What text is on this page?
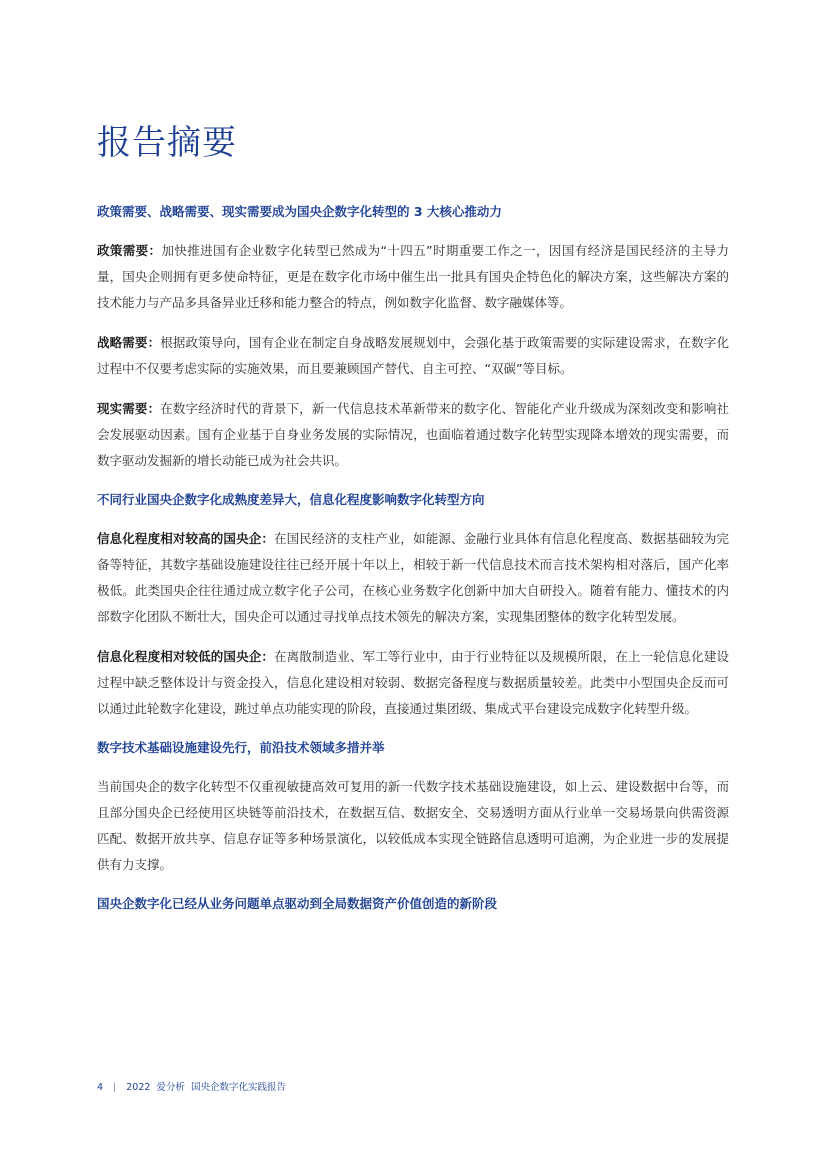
报告摘要

政策需要、战略需要、现实需要成为国央企数字化转型的 3 大核心推动力

政策需要：加快推进国有企业数字化转型已然成为“十四五”时期重要工作之一，因国有经济是国民经济的主导力量，国央企则拥有更多使命特征，更是在数字化市场中催生出一批具有国央企特色化的解决方案，这些解决方案的技术能力与产品多具备异业迁移和能力整合的特点，例如数字化监督、数字融媒体等。

战略需要：根据政策导向，国有企业在制定自身战略发展规划中，会强化基于政策需要的实际建设需求，在数字化过程中不仅要考虑实际的实施效果，而且要兼顾国产替代、自主可控、“双碳”等目标。

现实需要：在数字经济时代的背景下，新一代信息技术革新带来的数字化、智能化产业升级成为深刻改变和影响社会发展驱动因素。国有企业基于自身业务发展的实际情况，也面临着通过数字化转型实现降本增效的现实需要，而数字驱动发掘新的增长动能已成为社会共识。

不同行业国央企数字化成熟度差异大，信息化程度影响数字化转型方向

信息化程度相对较高的国央企：在国民经济的支柱产业，如能源、金融行业具体有信息化程度高、数据基础较为完备等特征，其数字基础设施建设往往已经开展十年以上，相较于新一代信息技术而言技术架构相对落后，国产化率极低。此类国央企往往通过成立数字化子公司，在核心业务数字化创新中加大自研投入。随着有能力、懂技术的内部数字化团队不断壮大，国央企可以通过寻找单点技术领先的解决方案，实现集团整体的数字化转型发展。

信息化程度相对较低的国央企：在离散制造业、军工等行业中，由于行业特征以及规模所限，在上一轮信息化建设过程中缺乏整体设计与资金投入，信息化建设相对较弱、数据完备程度与数据质量较差。此类中小型国央企反而可以通过此轮数字化建设，跳过单点功能实现的阶段，直接通过集团级、集成式平台建设完成数字化转型升级。

数字技术基础设施建设先行，前沿技术领域多措并举

当前国央企的数字化转型不仅重视敏捷高效可复用的新一代数字技术基础设施建设，如上云、建设数据中台等，而且部分国央企已经使用区块链等前沿技术，在数据互信、数据安全、交易透明方面从行业单一交易场景向供需资源匹配、数据开放共享、信息存证等多种场景演化，以较低成本实现全链路信息透明可追溯，为企业进一步的发展提供有力支撑。

国央企数字化已经从业务问题单点驱动到全局数据资产价值创造的新阶段

4 | 2022 爱分析 国央企数字化实践报告
